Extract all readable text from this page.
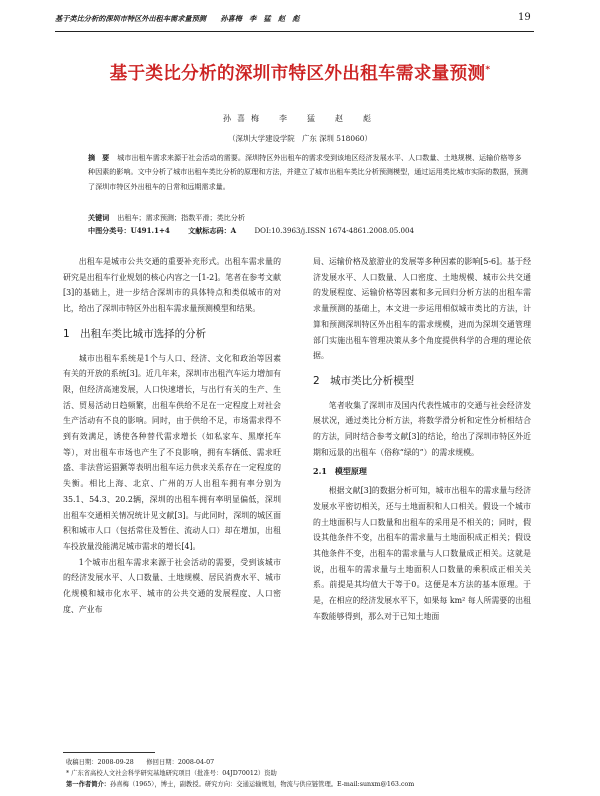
基于类比分析的深圳市特区外出租车需求量预测　　孙喜梅　李　猛　赵　彪	19
基于类比分析的深圳市特区外出租车需求量预测*
孙喜梅　李　猛　赵　彪
（深圳大学建设学院　广东 深圳 518060）
摘　要 城市出租车需求来源于社会活动的需要。深圳特区外出租车的需求受到该地区经济发展水平、人口数量、土地规模、运输价格等多种因素的影响。文中分析了城市出租车类比分析的原理和方法，并建立了城市出租车类比分析预测模型，通过运用类比城市实际的数据，预测了深圳市特区外出租车的日常和远期需求量。
关键词 出租车；需求预测；指数平滑；类比分析
中图分类号：U491.1+4	文献标志码：A	DOI:10.3963/j.ISSN 1674-4861.2008.05.004

出租车是城市公共交通的重要补充形式。出租车需求量的研究是出租车行业规划的核心内容之一[1-2]。笔者在参考文献[3]的基础上，进一步结合深圳市的具体特点和类似城市的对比，给出了深圳市特区外出租车需求量预测模型和结果。

1　出租车类比城市选择的分析

城市出租车系统是1个与人口、经济、文化和政治等因素有关的开放的系统[3]。近几年来，深圳市出租汽车运力增加有限，但经济高速发展，人口快速增长，与出行有关的生产、生活、贸易活动日趋频繁，出租车供给不足在一定程度上对社会生产活动有不良的影响。同时，由于供给不足，市场需求得不到有效满足，诱使各种替代需求增长（如私家车、黑摩托车等），对出租车市场也产生了不良影响，拥有车辆低、需求旺盛、非法营运猖獗等表明出租车运力供求关系存在一定程度的失衡。相比上海、北京、广州的万人出租车拥有率分别为35.1、54.3、20.2辆，深圳的出租车拥有率明显偏低，深圳出租车交通相关情况统计见文献[3]。与此同时，深圳的城区面积和城市人口（包括常住及暂住、流动人口）却在增加，出租车投放量没能满足城市需求的增长[4]。

1个城市出租车需求来源于社会活动的需要，受到该城市的经济发展水平、人口数量、土地规模、居民消费水平、城市化规模和城市化水平、城市的公共交通的发展程度、人口密度、产业布

局、运输价格及旅游业的发展等多种因素的影响[5-6]。基于经济发展水平、人口数量、人口密度、土地规模、城市公共交通的发展程度、运输价格等因素和多元回归分析方法的出租车需求量预测的基础上，本文进一步运用相似城市类比的方法，计算和预测深圳特区外出租车的需求规模，进而为深圳交通管理部门实施出租车管理决策从多个角度提供科学的合理的理论依据。

2　城市类比分析模型

笔者收集了深圳市及国内代表性城市的交通与社会经济发展状况，通过类比分析方法，将数学滑分析和定性分析相结合的方法，同时结合参考文献[3]的结论，给出了深圳市特区外近期和远景的出租车（俗称“绿的”）的需求规模。

2.1　模型原理

根据文献[3]的数据分析可知，城市出租车的需求量与经济发展水平密切相关，还与土地面积和人口相关。假设一个城市的土地面积与人口数量和出租车的采用是不相关的；同时，假设其他条件不变，出租车的需求量与土地面积成正相关；假设其他条件不变，出租车的需求量与人口数量成正相关。这就是说，出租车的需求量与土地面积人口数量的乘积成正相关关系。前提是其均值大于等于0。这便是本方法的基本原理。于是，在相应的经济发展水平下，如果每 km² 每人所需要的出租车数能够得到，那么对于已知土地面

收稿日期：2008-09-28　　修回日期：2008-04-07
* 广东省高校人文社会科学研究基地研究项目（批准号：04JD70012）资助
第一作者简介：孙喜梅（1965），博士，副教授。研究方向：交通运输规划，物流与供应链管理。E-mail:sunxm@163.com
